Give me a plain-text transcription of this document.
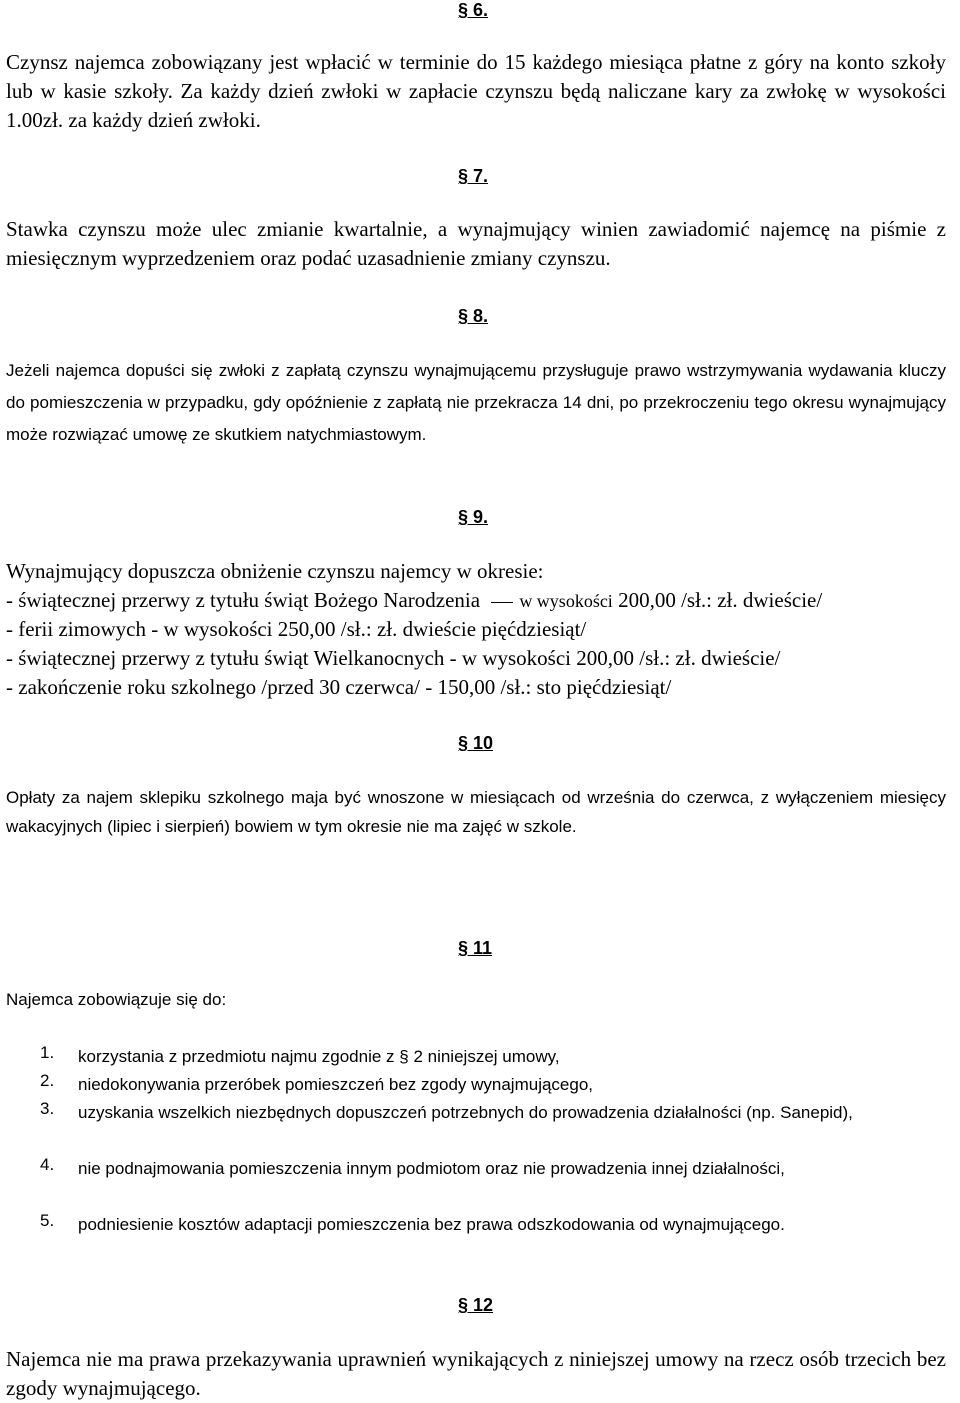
§ 6.

Czynsz najemca zobowiązany jest wpłacić w terminie do 15 każdego miesiąca płatne z góry na konto szkoły lub w kasie szkoły. Za każdy dzień zwłoki w zapłacie czynszu będą naliczane kary za zwłokę w wysokości 1.00zł. za każdy dzień zwłoki.

§ 7.

Stawka czynszu może ulec zmianie kwartalnie, a wynajmujący winien zawiadomić najemcę na piśmie z miesięcznym wyprzedzeniem oraz podać uzasadnienie zmiany czynszu.

§ 8.

Jeżeli najemca dopuści się zwłoki z zapłatą czynszu wynajmującemu przysługuje prawo wstrzymywania wydawania kluczy do pomieszczenia w przypadku, gdy opóźnienie z zapłatą nie przekracza 14 dni, po przekroczeniu tego okresu wynajmujący może rozwiązać umowę ze skutkiem natychmiastowym.

§ 9.
Wynajmujący dopuszcza obniżenie czynszu najemcy w okresie:
- świątecznej przerwy z tytułu świąt Bożego Narodzenia w wysokości 200,00 /sł.: zł. dwieście/
- ferii zimowych - w wysokości 250,00 /sł.: zł. dwieście pięćdziesiąt/
- świątecznej przerwy z tytułu świąt Wielkanocnych - w wysokości 200,00 /sł.: zł. dwieście/
- zakończenie roku szkolnego /przed 30 czerwca/ - 150,00 /sł.: sto pięćdziesiąt/
§ 10

Opłaty za najem sklepiku szkolnego maja być wnoszone w miesiącach od września do czerwca, z wyłączeniem miesięcy wakacyjnych (lipiec i sierpień) bowiem w tym okresie nie ma zajęć w szkole.

§ 11
Najemca zobowiązuje się do:
1. korzystania z przedmiotu najmu zgodnie z § 2 niniejszej umowy,
2. niedokonywania przeróbek pomieszczeń bez zgody wynajmującego,
3. uzyskania wszelkich niezbędnych dopuszczeń potrzebnych do prowadzenia działalności (np. Sanepid),
4. nie podnajmowania pomieszczenia innym podmiotom oraz nie prowadzenia innej działalności,
5. podniesienie kosztów adaptacji pomieszczenia bez prawa odszkodowania od wynajmującego.
§ 12

Najemca nie ma prawa przekazywania uprawnień wynikających z niniejszej umowy na rzecz osób trzecich bez zgody wynajmującego.
